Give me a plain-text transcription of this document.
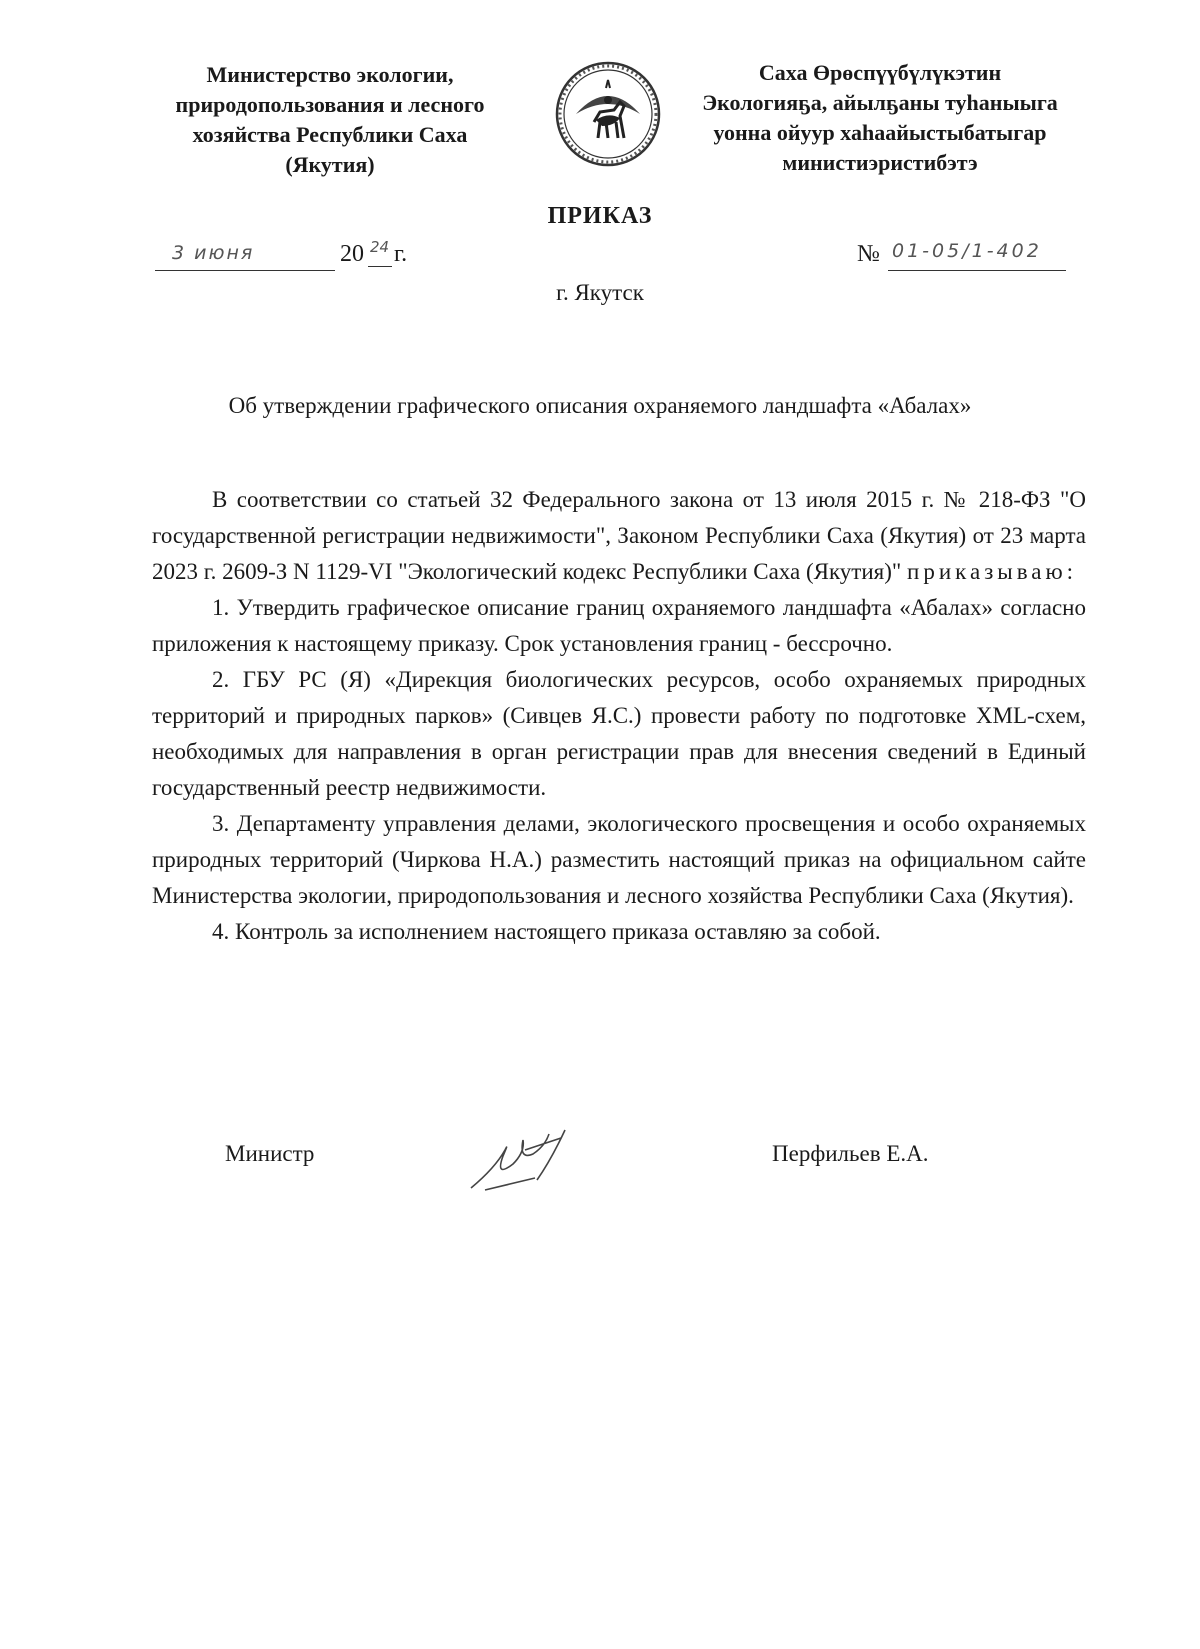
Министерство экологии,
природопользования и лесного
хозяйства Республики Саха
(Якутия)
Саха Өрөспүүбүлүкэтин
Экологияҕа, айылҕаны туһаныыга
уонна ойуур хаһаайыстыбатыгар
министиэристибэтэ
ПРИКАЗ
3 июня	20 24 г.	№ 01-05/1-402
г. Якутск
Об утверждении графического описания охраняемого ландшафта «Абалах»

В соответствии со статьей 32 Федерального закона от 13 июля 2015 г. № 218-ФЗ "О государственной регистрации недвижимости", Законом Республики Саха (Якутия) от 23 марта 2023 г. 2609-З N 1129-VI "Экологический кодекс Республики Саха (Якутия)" приказываю:

1. Утвердить графическое описание границ охраняемого ландшафта «Абалах» согласно приложения к настоящему приказу. Срок установления границ - бессрочно.

2. ГБУ РС (Я) «Дирекция биологических ресурсов, особо охраняемых природных территорий и природных парков» (Сивцев Я.С.) провести работу по подготовке XML-схем, необходимых для направления в орган регистрации прав для внесения сведений в Единый государственный реестр недвижимости.

3. Департаменту управления делами, экологического просвещения и особо охраняемых природных территорий (Чиркова Н.А.) разместить настоящий приказ на официальном сайте Министерства экологии, природопользования и лесного хозяйства Республики Саха (Якутия).

4. Контроль за исполнением настоящего приказа оставляю за собой.

Министр	Перфильев Е.А.
